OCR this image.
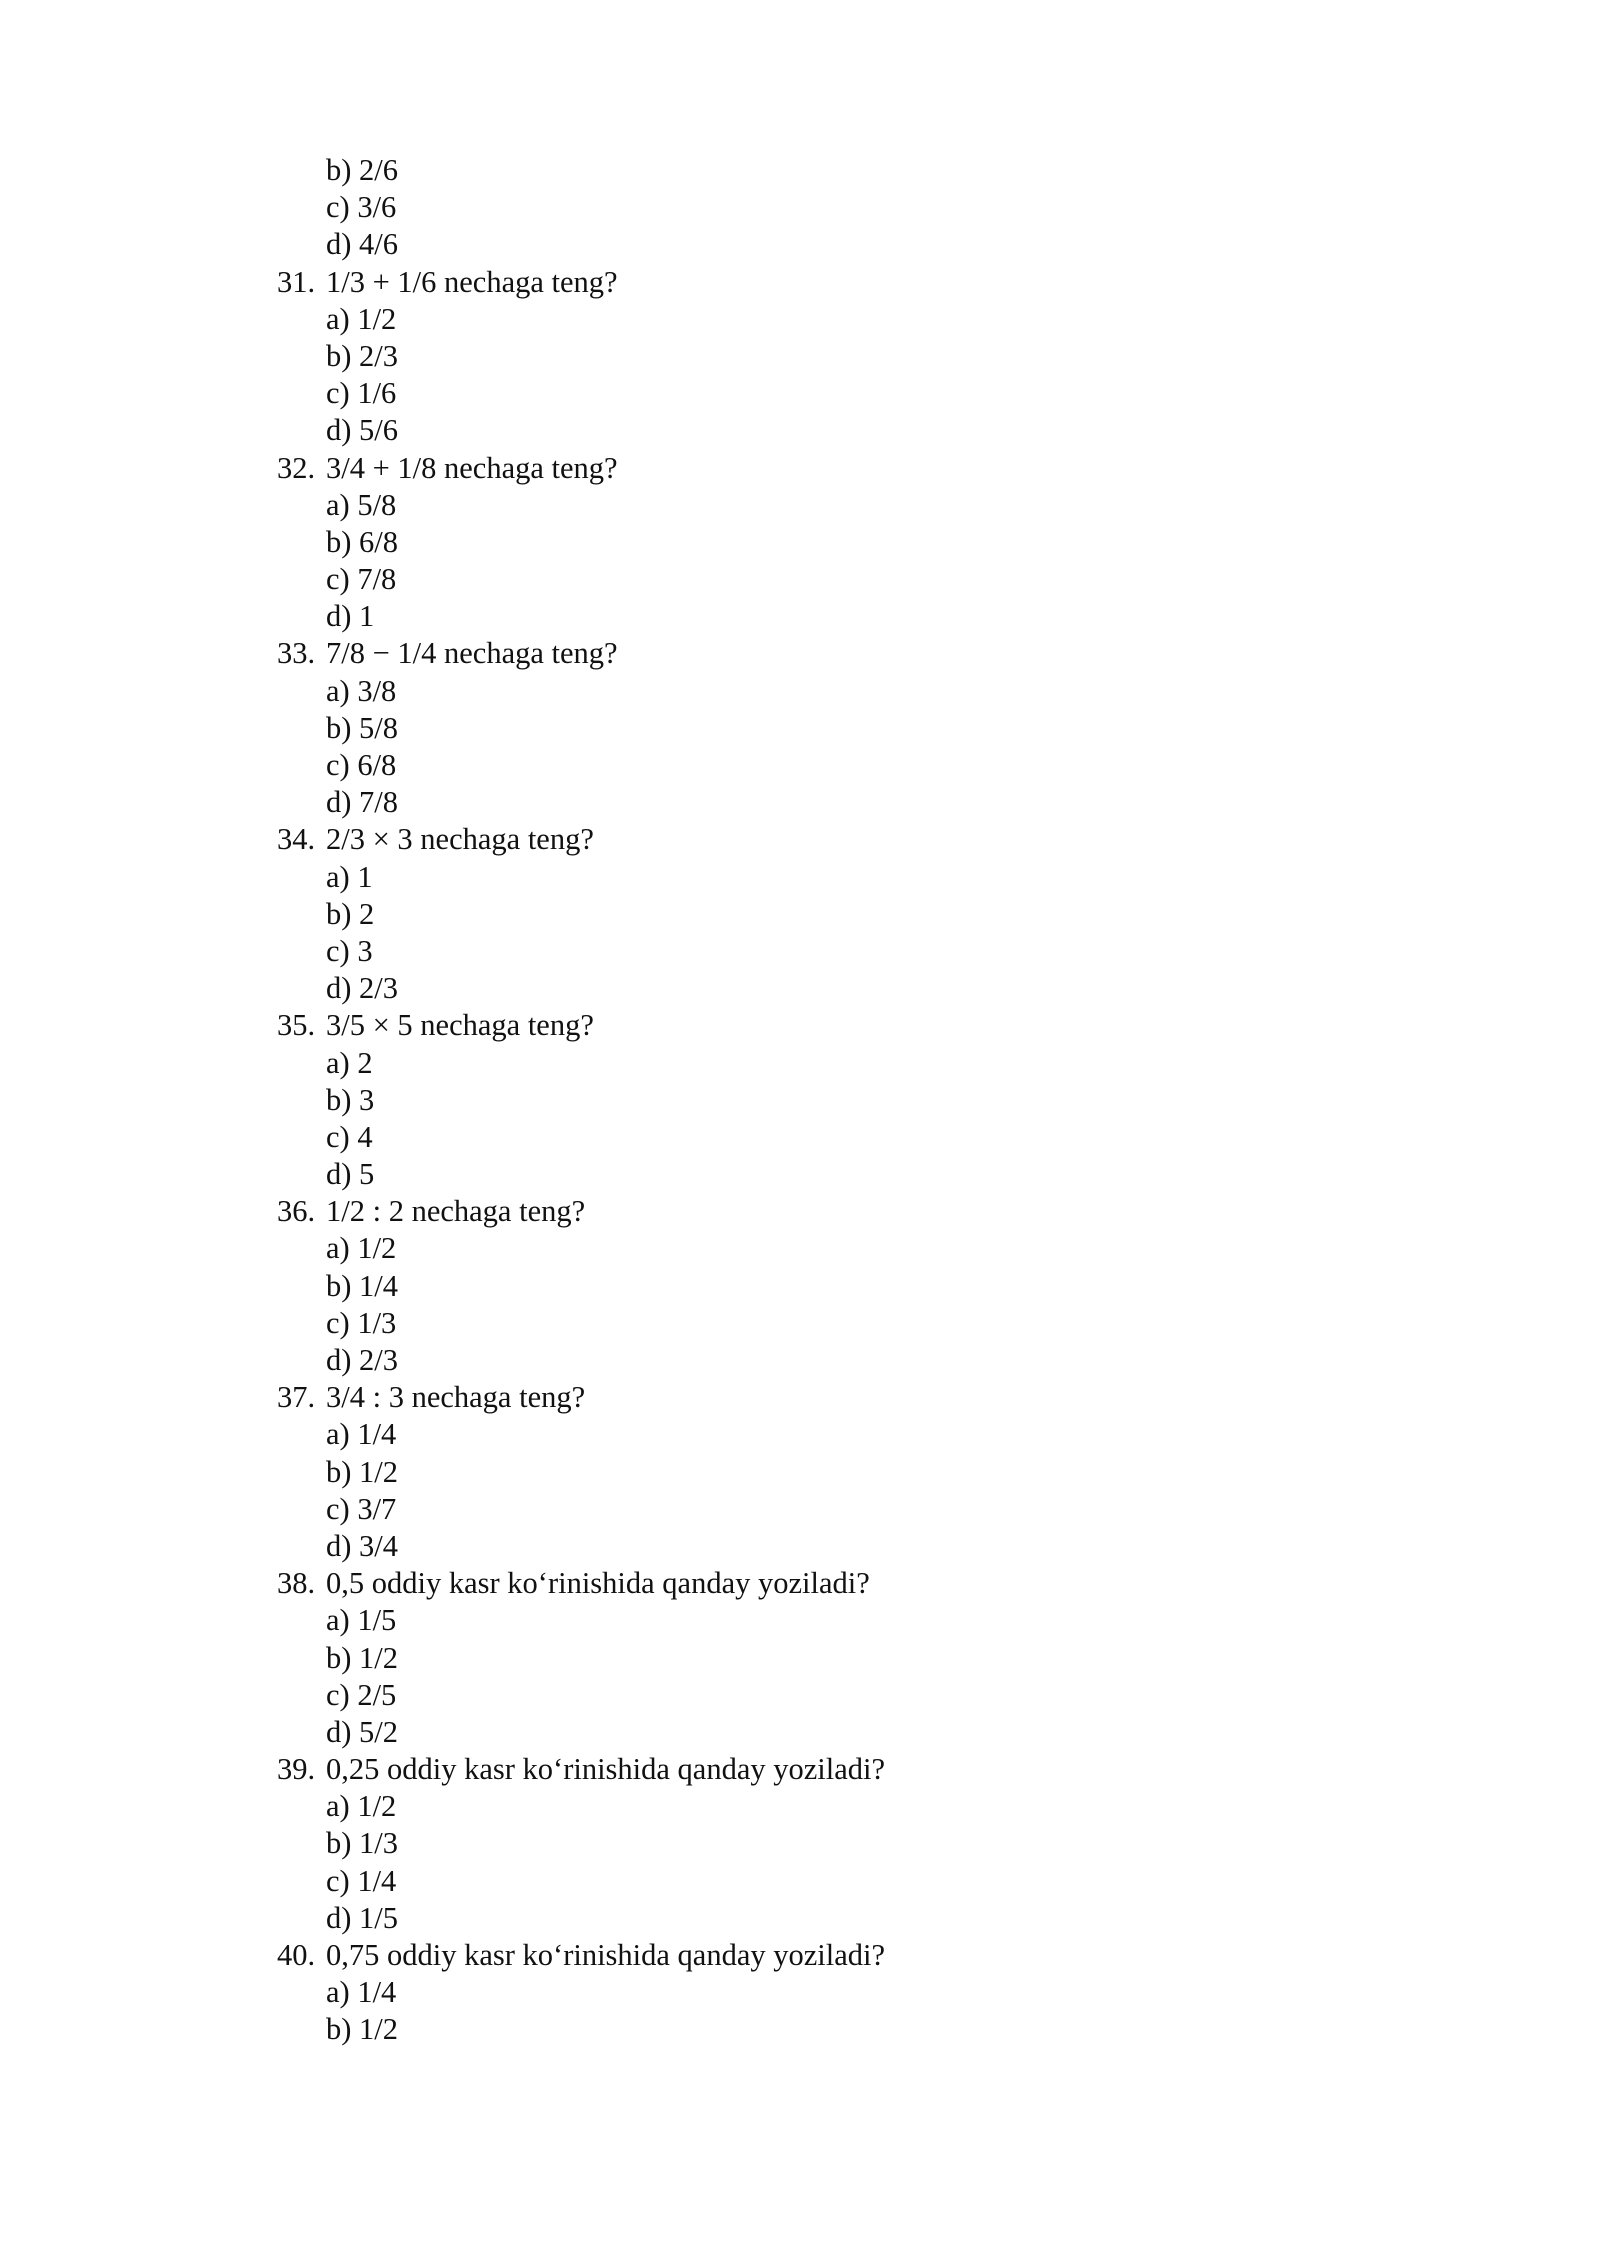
b) 2/6
c) 3/6
d) 4/6
31. 1/3 + 1/6 nechaga teng?
a) 1/2
b) 2/3
c) 1/6
d) 5/6
32. 3/4 + 1/8 nechaga teng?
a) 5/8
b) 6/8
c) 7/8
d) 1
33. 7/8 − 1/4 nechaga teng?
a) 3/8
b) 5/8
c) 6/8
d) 7/8
34. 2/3 × 3 nechaga teng?
a) 1
b) 2
c) 3
d) 2/3
35. 3/5 × 5 nechaga teng?
a) 2
b) 3
c) 4
d) 5
36. 1/2 : 2 nechaga teng?
a) 1/2
b) 1/4
c) 1/3
d) 2/3
37. 3/4 : 3 nechaga teng?
a) 1/4
b) 1/2
c) 3/7
d) 3/4
38. 0,5 oddiy kasr koʻrinishida qanday yoziladi?
a) 1/5
b) 1/2
c) 2/5
d) 5/2
39. 0,25 oddiy kasr koʻrinishida qanday yoziladi?
a) 1/2
b) 1/3
c) 1/4
d) 1/5
40. 0,75 oddiy kasr koʻrinishida qanday yoziladi?
a) 1/4
b) 1/2
